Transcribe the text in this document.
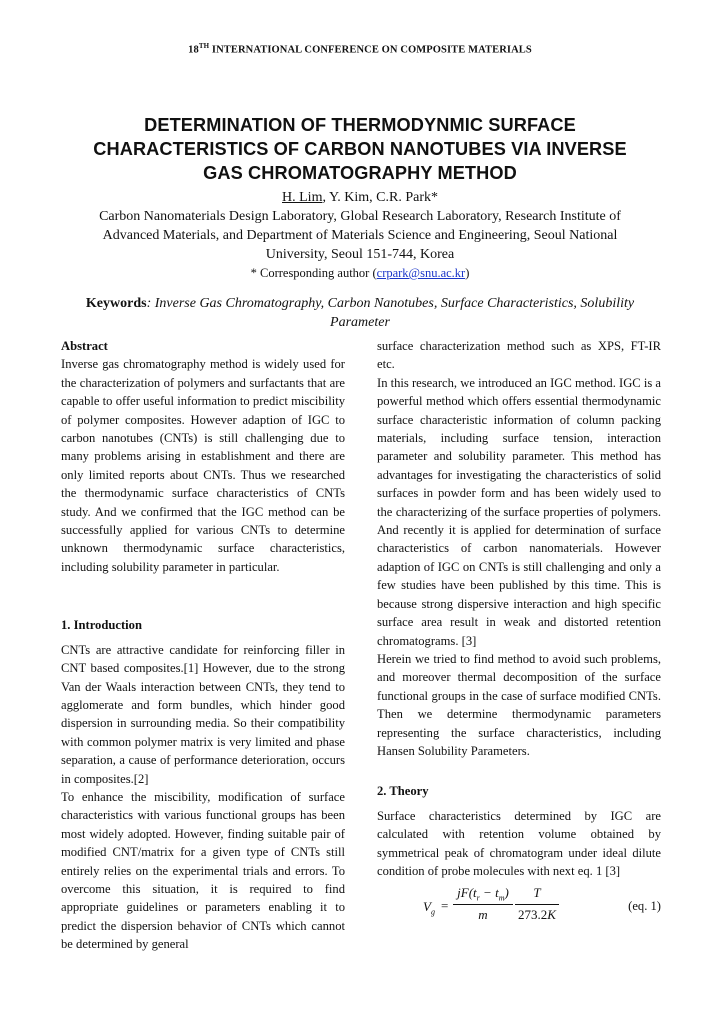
18TH INTERNATIONAL CONFERENCE ON COMPOSITE MATERIALS
DETERMINATION OF THERMODYNMIC SURFACE
CHARACTERISTICS OF CARBON NANOTUBES VIA INVERSE
GAS CHROMATOGRAPHY METHOD
H. Lim, Y. Kim, C.R. Park*
Carbon Nanomaterials Design Laboratory, Global Research Laboratory, Research Institute of
Advanced Materials, and Department of Materials Science and Engineering, Seoul National
University, Seoul 151-744, Korea
* Corresponding author (crpark@snu.ac.kr)
Keywords: Inverse Gas Chromatography, Carbon Nanotubes, Surface Characteristics, Solubility Parameter

Abstract

Inverse gas chromatography method is widely used for the characterization of polymers and surfactants that are capable to offer useful information to predict miscibility of polymer composites. However adaption of IGC to carbon nanotubes (CNTs) is still challenging due to many problems arising in establishment and there are only limited reports about CNTs. Thus we researched the thermodynamic surface characteristics of CNTs study. And we confirmed that the IGC method can be successfully applied for various CNTs to determine unknown thermodynamic surface characteristics, including solubility parameter in particular.

1. Introduction

CNTs are attractive candidate for reinforcing filler in CNT based composites.[1] However, due to the strong Van der Waals interaction between CNTs, they tend to agglomerate and form bundles, which hinder good dispersion in surrounding media. So their compatibility with common polymer matrix is very limited and phase separation, a cause of performance deterioration, occurs in composites.[2]

To enhance the miscibility, modification of surface characteristics with various functional groups has been most widely adopted. However, finding suitable pair of modified CNT/matrix for a given type of CNTs still entirely relies on the experimental trials and errors. To overcome this situation, it is required to find appropriate guidelines or parameters enabling it to predict the dispersion behavior of CNTs which cannot be determined by general

surface characterization method such as XPS, FT-IR etc.

In this research, we introduced an IGC method. IGC is a powerful method which offers essential thermodynamic surface characteristic information of column packing materials, including surface tension, interaction parameter and solubility parameter. This method has advantages for investigating the characteristics of solid surfaces in powder form and has been widely used to the characterizing of the surface properties of polymers. And recently it is applied for determination of surface characteristics of carbon nanomaterials. However adaption of IGC on CNTs is still challenging and only a few studies have been published by this time. This is because strong dispersive interaction and high specific surface area result in weak and distorted retention chromatograms. [3]

Herein we tried to find method to avoid such problems, and moreover thermal decomposition of the surface functional groups in the case of surface modified CNTs. Then we determine thermodynamic parameters representing the surface characteristics, including Hansen Solubility Parameters.

2. Theory

Surface characteristics determined by IGC are calculated with retention volume obtained by symmetrical peak of chromatogram under ideal dilute condition of probe molecules with next eq. 1 [3]

$V_g$ =
$jF(t_r - t_m)$
m
T
273.2K
(eq. 1)
